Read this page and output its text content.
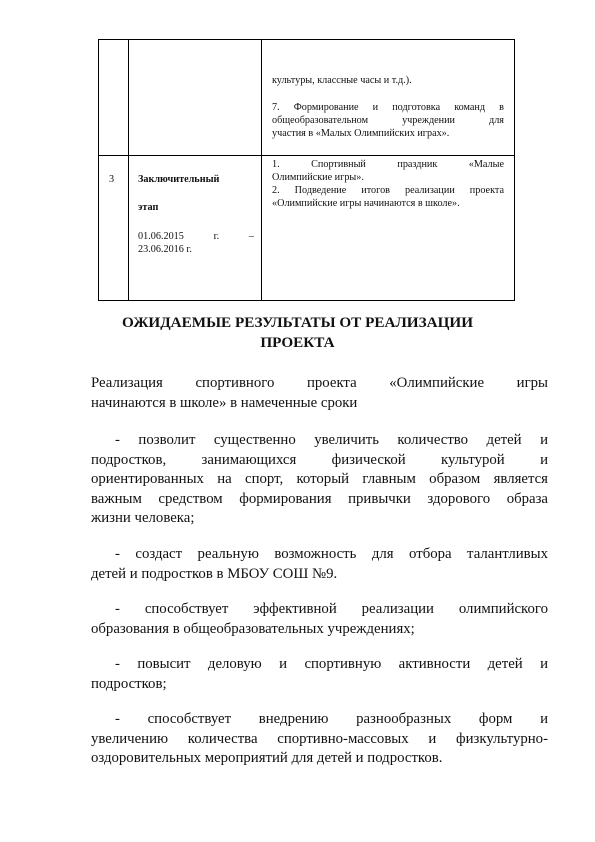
культуры, классные часы и т.д.).
7. Формирование и подготовка команд в
общеобразовательном учреждении для
участия в «Малых Олимпийских играх».
3	Заключительный
этап
01.06.2015 г. –
23.06.2016 г.
1. Спортивный праздник «Малые
Олимпийские игры».
2. Подведение итогов реализации проекта
«Олимпийские игры начинаются в школе».
ОЖИДАЕМЫЕ РЕЗУЛЬТАТЫ ОТ РЕАЛИЗАЦИИ
ПРОЕКТА
Реализация спортивного проекта «Олимпийские игры
начинаются в школе» в намеченные сроки
- позволит существенно увеличить количество детей и
подростков, занимающихся физической культурой и
ориентированных на спорт, который главным образом является
важным средством формирования привычки здорового образа
жизни человека;
- создаст реальную возможность для отбора талантливых
детей и подростков в МБОУ СОШ №9.
- способствует эффективной реализации олимпийского
образования в общеобразовательных учреждениях;
- повысит деловую и спортивную активности детей и
подростков;
- способствует внедрению разнообразных форм и
увеличению количества спортивно-массовых и физкультурно-
оздоровительных мероприятий для детей и подростков.
